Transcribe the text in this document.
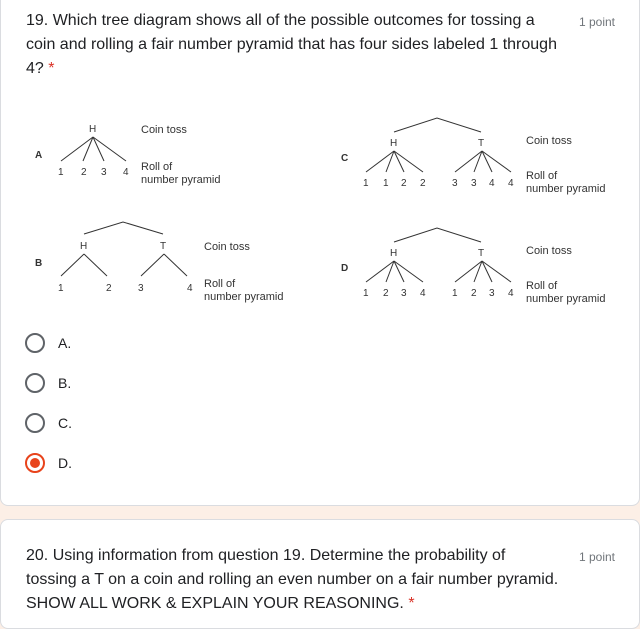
19. Which tree diagram shows all of the possible outcomes for tossing a
coin and rolling a fair number pyramid that has four sides labeled 1 through
4? *
1 point
A
H
1 2 3 4
Coin toss
Roll of
number pyramid
B
H	T
1	2	3	4
Coin toss
Roll of
number pyramid
C
H	T
1 1 2 2	3 3 4 4
Coin toss
Roll of
number pyramid
D
H	T
1 2 3 4	1 2 3 4
Coin toss
Roll of
number pyramid
A.
B.
C.
D.
20. Using information from question 19. Determine the probability of
tossing a T on a coin and rolling an even number on a fair number pyramid.
SHOW ALL WORK & EXPLAIN YOUR REASONING. *
1 point
